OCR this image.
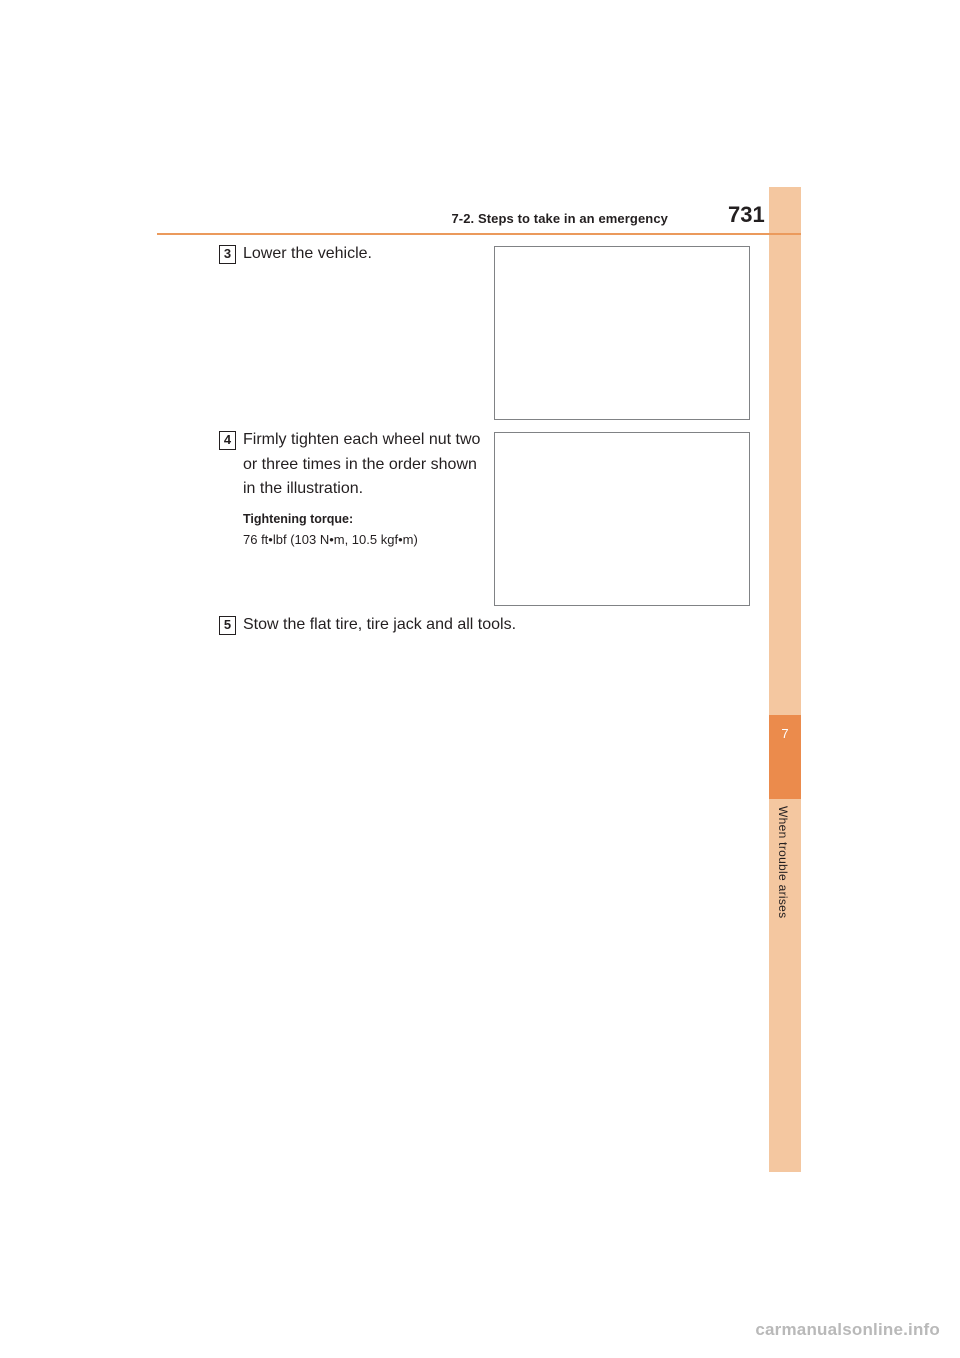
7
When trouble arises
7-2. Steps to take in an emergency	731
3 Lower the vehicle.
4 Firmly tighten each wheel nut two or three times in the order shown in the illustration.
Tightening torque:
76 ft•lbf (103 N•m, 10.5 kgf•m)
5 Stow the flat tire, tire jack and all tools.
carmanualsonline.info
